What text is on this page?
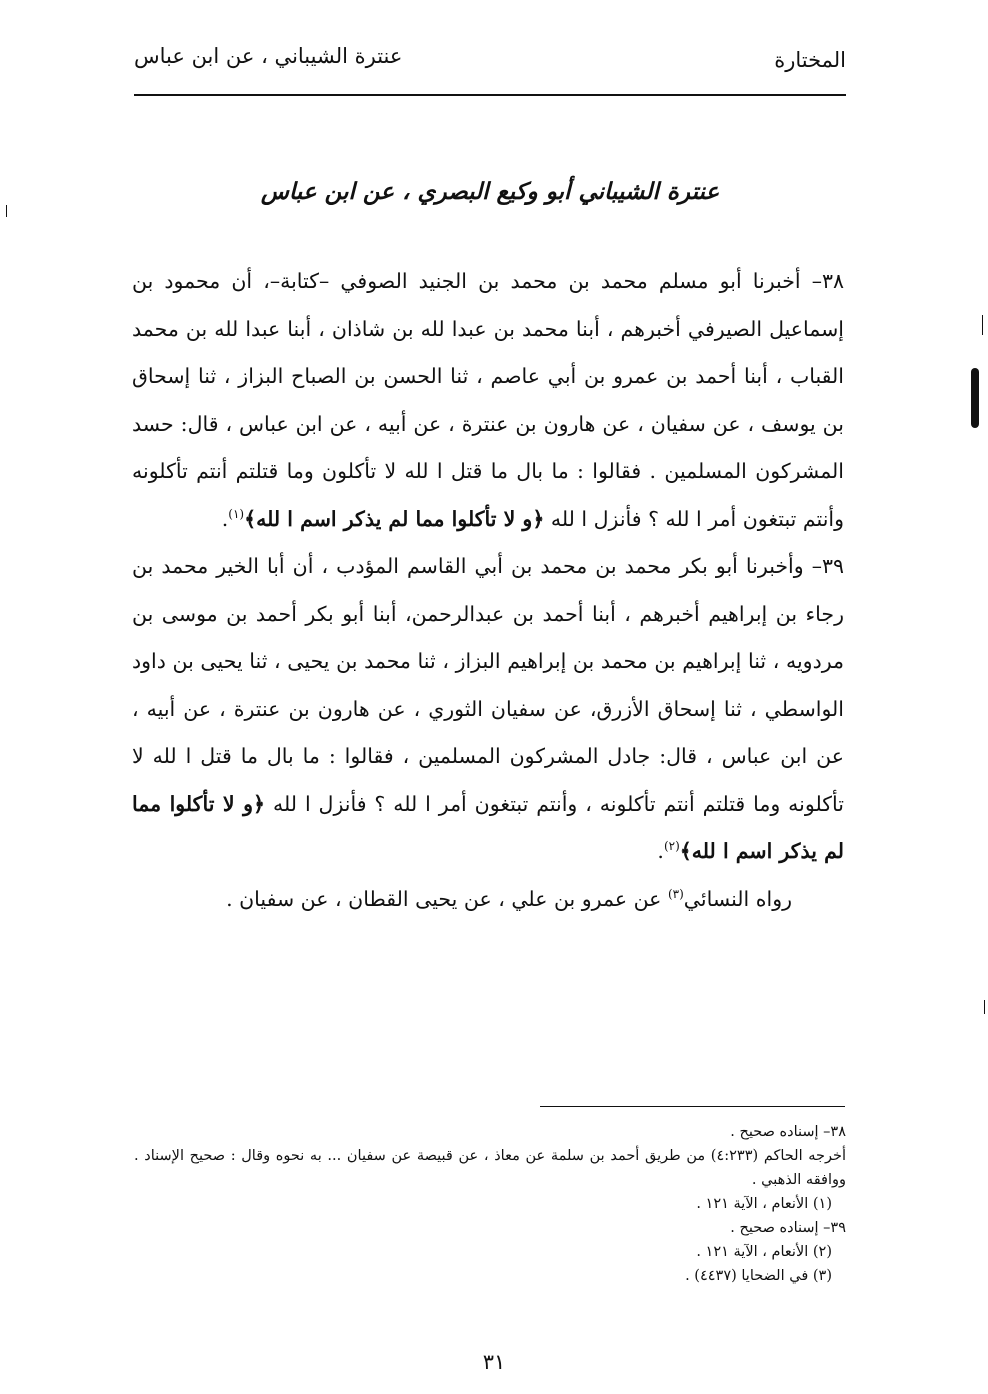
المختارة
عنترة الشيباني ، عن ابن عباس
عنترة الشيباني أبو وكيع البصري ، عن ابن عباس

٣٨– أخبرنا أبو مسلم محمد بن محمد بن الجنيد الصوفي –كتابة–، أن محمود بن إسماعيل الصيرفي أخبرهم ، أبنا محمد بن عبدا لله بن شاذان ، أبنا عبدا لله بن محمد القباب ، أبنا أحمد بن عمرو بن أبي عاصم ، ثنا الحسن بن الصباح البزاز ، ثنا إسحاق بن يوسف ، عن سفيان ، عن هارون بن عنترة ، عن أبيه ، عن ابن عباس ، قال: حسد المشركون المسلمين . فقالوا : ما بال ما قتل ا لله لا تأكلون وما قتلتم أنتم تأكلونه وأنتم تبتغون أمر ا لله ؟ فأنزل ا لله ﴿و لا تأكلوا مما لم يذكر اسم ا لله﴾$^{(١)}$.

٣٩– وأخبرنا أبو بكر محمد بن محمد بن أبي القاسم المؤدب ، أن أبا الخير محمد بن رجاء بن إبراهيم أخبرهم ، أبنا أحمد بن عبدالرحمن، أبنا أبو بكر أحمد بن موسى بن مردويه ، ثنا إبراهيم بن محمد بن إبراهيم البزاز ، ثنا محمد بن يحيى ، ثنا يحيى بن داود الواسطي ، ثنا إسحاق الأزرق، عن سفيان الثوري ، عن هارون بن عنترة ، عن أبيه ، عن ابن عباس ، قال: جادل المشركون المسلمين ، فقالوا : ما بال ما قتل ا لله لا تأكلونه وما قتلتم أنتم تأكلونه ، وأنتم تبتغون أمر ا لله ؟ فأنزل ا لله ﴿و لا تأكلوا مما لم يذكر اسم ا لله﴾$^{(٢)}$.

رواه النسائي$^{(٣)}$ عن عمرو بن علي ، عن يحيى القطان ، عن سفيان .

٣٨– إسناده صحيح .
أخرجه الحاكم (٤:٢٣٣) من طريق أحمد بن سلمة عن معاذ ، عن قبيصة عن سفيان ... به نحوه وقال : صحيح الإسناد . ووافقه الذهبي .
(١) الأنعام ، الآية ١٢١ .
٣٩– إسناده صحيح .
(٢) الأنعام ، الآية ١٢١ .
(٣) في الضحايا (٤٤٣٧) .
٣١
